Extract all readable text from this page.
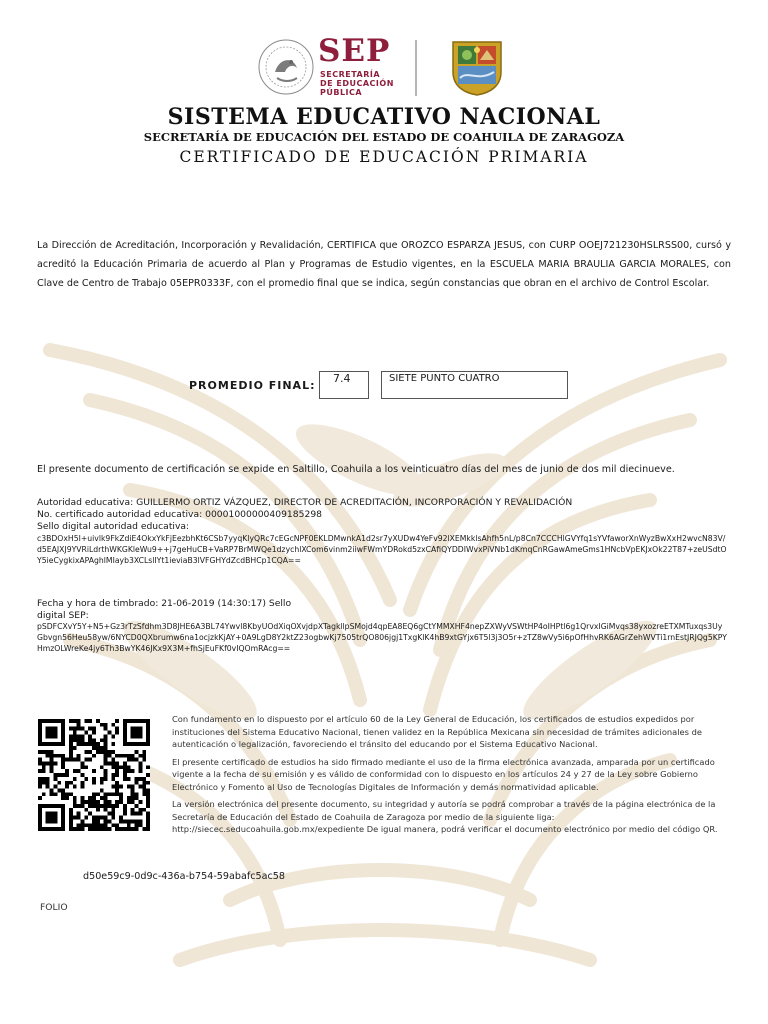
SEP
SECRETARÍA
DE EDUCACIÓN
PÚBLICA
SISTEMA EDUCATIVO NACIONAL
SECRETARÍA DE EDUCACIÓN DEL ESTADO DE COAHUILA DE ZARAGOZA
CERTIFICADO DE EDUCACIÓN PRIMARIA
La Dirección de Acreditación, Incorporación y Revalidación, CERTIFICA que OROZCO ESPARZA JESUS, con CURP OOEJ721230HSLRSS00, cursó y acreditó la Educación Primaria de acuerdo al Plan y Programas de Estudio vigentes, en la ESCUELA MARIA BRAULIA GARCIA MORALES, con Clave de Centro de Trabajo 05EPR0333F, con el promedio final que se indica, según constancias que obran en el archivo de Control Escolar.
PROMEDIO FINAL:
7.4	SIETE PUNTO CUATRO
El presente documento de certificación se expide en Saltillo, Coahuila a los veinticuatro días del mes de junio de dos mil diecinueve.
Autoridad educativa: GUILLERMO ORTIZ VÁZQUEZ, DIRECTOR DE ACREDITACIÓN, INCORPORACIÓN Y REVALIDACIÓN
No. certificado autoridad educativa: 00001000000409185298
Sello digital autoridad educativa:
c3BDOxH5I+uivlk9FkZdiE4OkxYkFjEezbhKt6CSb7yyqKlyQRc7cEGcNPF0EKLDMwnkA1d2sr7yXUDw4YeFv92lXEMkklsAhfh5nL/p8Cn7CCCHlGVYfq1sYVfaworXnWyzBwXxH2wvcN83V/d5EAJXJ9YVRiLdrthWKGKleWu9++j7geHuCB+VaRP7BrMWQe1dzychlXCom6vinm2iiwFWmYDRokd5zxCAfiQYDDIWvxPiVNb1dKmqCnRGawAmeGms1HNcbVpEKJxOk22T87+zeUSdtOY5ieCygkixAPAghlMIayb3XCLslIYt1ieviaB3lVFGHYdZcdBHCp1CQA==
Fecha y hora de timbrado: 21-06-2019 (14:30:17) Sello
digital SEP:
pSDFCXvY5Y+N5+Gz3rTzSfdhm3D8JHE6A3BL74Ywvl8KbyUOdXiqOXvjdpXTagkllpSMojd4qpEA8EQ6gCtYMMXHF4nepZXWyVSWtHP4oIHPtl6g1QrvxIGiMvqs38yxozreETXMTuxqs3UyGbvgn56Heu58yw/6NYCD0QXbrumw6na1ocjzkKjAY+0A9LgD8Y2ktZ23ogbwKj7505trQO806jgj1TxgKlK4hB9xtGYjx6T5l3j3O5r+zTZ8wVy5i6pOfHhvRK6AGrZehWVTi1rnEstJRJQg5KPYHmzOLWreKe4jy6Th3BwYK46JKx9X3M+fhSjEuFKf0vIQOmRAcg==

Con fundamento en lo dispuesto por el artículo 60 de la Ley General de Educación, los certificados de estudios expedidos por instituciones del Sistema Educativo Nacional, tienen validez en la República Mexicana sin necesidad de trámites adicionales de autenticación o legalización, favoreciendo el tránsito del educando por el Sistema Educativo Nacional.

El presente certificado de estudios ha sido firmado mediante el uso de la firma electrónica avanzada, amparada por un certificado vigente a la fecha de su emisión y es válido de conformidad con lo dispuesto en los artículos 24 y 27 de la Ley sobre Gobierno Electrónico y Fomento al Uso de Tecnologías Digitales de Información y demás normatividad aplicable.

La versión electrónica del presente documento, su integridad y autoría se podrá comprobar a través de la página electrónica de la Secretaría de Educación del Estado de Coahuila de Zaragoza por medio de la siguiente liga: http://siecec.seducoahuila.gob.mx/expediente De igual manera, podrá verificar el documento electrónico por medio del código QR.

d50e59c9-0d9c-436a-b754-59abafc5ac58
FOLIO
